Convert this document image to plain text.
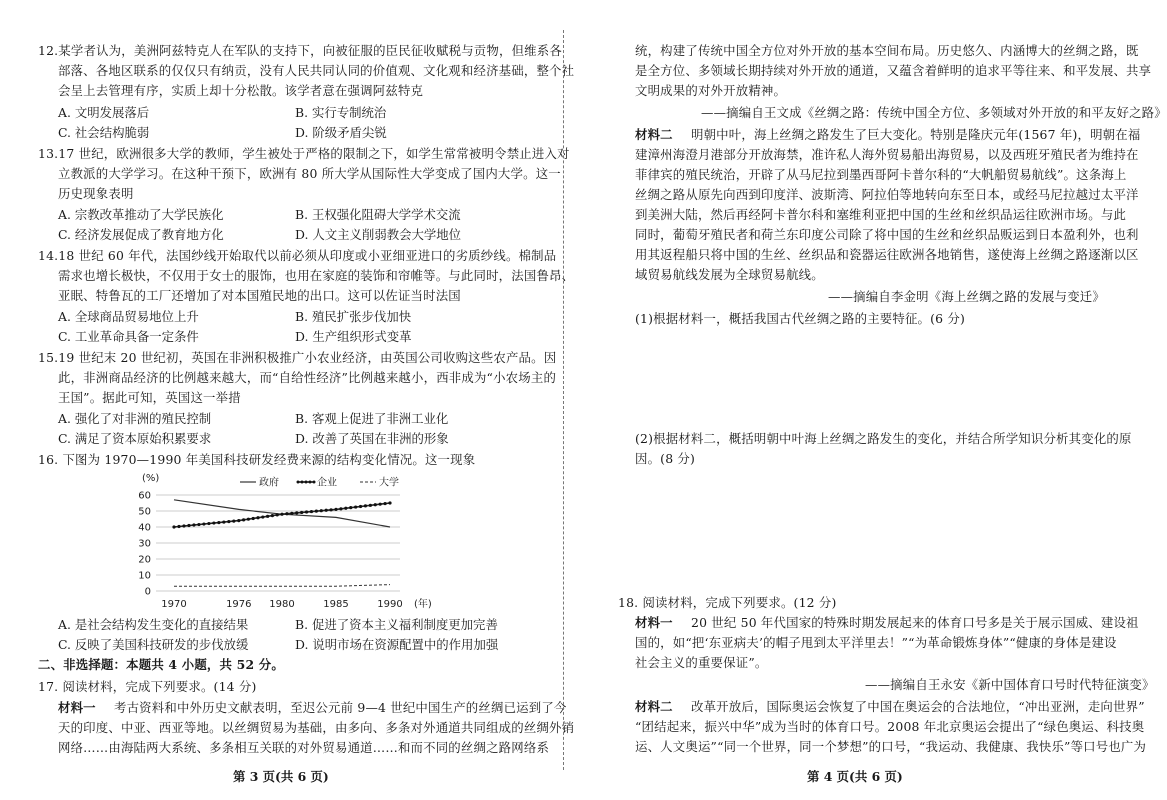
12.某学者认为，美洲阿兹特克人在军队的支持下，向被征服的臣民征收赋税与贡物，但维系各
部落、各地区联系的仅仅只有纳贡，没有人民共同认同的价值观、文化观和经济基础，整个社
会呈上去管理有序，实质上却十分松散。该学者意在强调阿兹特克
A. 文明发展落后	B. 实行专制统治
C. 社会结构脆弱	D. 阶级矛盾尖锐
13.17 世纪，欧洲很多大学的教师，学生被处于严格的限制之下，如学生常常被明令禁止进入对
立教派的大学学习。在这种干预下，欧洲有 80 所大学从国际性大学变成了国内大学。这一
历史现象表明
A. 宗教改革推动了大学民族化	B. 王权强化阻碍大学学术交流
C. 经济发展促成了教育地方化	D. 人文主义削弱教会大学地位
14.18 世纪 60 年代，法国纱线开始取代以前必须从印度或小亚细亚进口的劣质纱线。棉制品
需求也增长极快，不仅用于女士的服饰，也用在家庭的装饰和帘帷等。与此同时，法国鲁昂、
亚眠、特鲁瓦的工厂还增加了对本国殖民地的出口。这可以佐证当时法国
A. 全球商品贸易地位上升	B. 殖民扩张步伐加快
C. 工业革命具备一定条件	D. 生产组织形式变革
15.19 世纪末 20 世纪初，英国在非洲积极推广小农业经济，由英国公司收购这些农产品。因
此，非洲商品经济的比例越来越大，而“自给性经济”比例越来越小，西非成为“小农场主的
王国”。据此可知，英国这一举措
A. 强化了对非洲的殖民控制	B. 客观上促进了非洲工业化
C. 满足了资本原始积累要求	D. 改善了英国在非洲的形象
16. 下图为 1970—1990 年美国科技研发经费来源的结构变化情况。这一现象
0
10
20
30
40
50
60
(%)
1970	1976 1980	1985	1990 (年)
政府	企业	大学
A. 是社会结构发生变化的直接结果	B. 促进了资本主义福利制度更加完善
C. 反映了美国科技研发的步伐放缓	D. 说明市场在资源配置中的作用加强
二、非选择题：本题共 4 小题，共 52 分。
17. 阅读材料，完成下列要求。(14 分)
材料一 考古资料和中外历史文献表明，至迟公元前 9—4 世纪中国生产的丝绸已运到了今
天的印度、中亚、西亚等地。以丝绸贸易为基础，由多向、多条对外通道共同组成的丝绸外销
网络……由海陆两大系统、多条相互关联的对外贸易通道……和而不同的丝绸之路网络系
第 3 页(共 6 页)
统，构建了传统中国全方位对外开放的基本空间布局。历史悠久、内涵博大的丝绸之路，既
是全方位、多领域长期持续对外开放的通道，又蕴含着鲜明的追求平等往来、和平发展、共享
文明成果的对外开放精神。
——摘编自王文成《丝绸之路：传统中国全方位、多领域对外开放的和平友好之路》
材料二 明朝中叶，海上丝绸之路发生了巨大变化。特别是隆庆元年(1567 年)，明朝在福
建漳州海澄月港部分开放海禁，准许私人海外贸易船出海贸易，以及西班牙殖民者为维持在
菲律宾的殖民统治，开辟了从马尼拉到墨西哥阿卡普尔科的“大帆船贸易航线”。这条海上
丝绸之路从原先向西到印度洋、波斯湾、阿拉伯等地转向东至日本，或经马尼拉越过太平洋
到美洲大陆，然后再经阿卡普尔科和塞维利亚把中国的生丝和丝织品运往欧洲市场。与此
同时，葡萄牙殖民者和荷兰东印度公司除了将中国的生丝和丝织品贩运到日本盈利外，也利
用其返程船只将中国的生丝、丝织品和瓷器运往欧洲各地销售，遂使海上丝绸之路逐渐以区
域贸易航线发展为全球贸易航线。
——摘编自李金明《海上丝绸之路的发展与变迁》
(1)根据材料一，概括我国古代丝绸之路的主要特征。(6 分)
(2)根据材料二，概括明朝中叶海上丝绸之路发生的变化，并结合所学知识分析其变化的原
因。(8 分)
18. 阅读材料，完成下列要求。(12 分)
材料一 20 世纪 50 年代国家的特殊时期发展起来的体育口号多是关于展示国威、建设祖
国的，如“把‘东亚病夫’的帽子甩到太平洋里去！”“为革命锻炼身体”“健康的身体是建设
社会主义的重要保证”。
——摘编自王永安《新中国体育口号时代特征演变》
材料二 改革开放后，国际奥运会恢复了中国在奥运会的合法地位，“冲出亚洲，走向世界”
“团结起来，振兴中华”成为当时的体育口号。2008 年北京奥运会提出了“绿色奥运、科技奥
运、人文奥运”“同一个世界，同一个梦想”的口号，“我运动、我健康、我快乐”等口号也广为
第 4 页(共 6 页)
